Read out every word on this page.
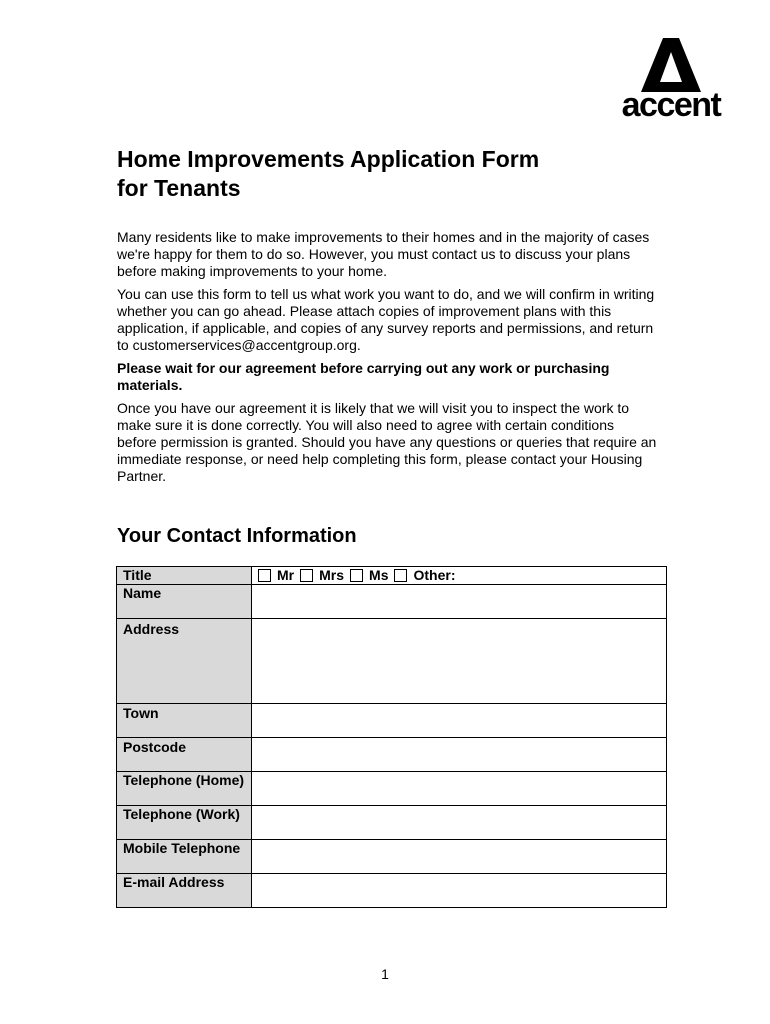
accent
Home Improvements Application Form
for Tenants

Many residents like to make improvements to their homes and in the majority of cases we're happy for them to do so. However, you must contact us to discuss your plans before making improvements to your home.

You can use this form to tell us what work you want to do, and we will confirm in writing whether you can go ahead. Please attach copies of improvement plans with this application, if applicable, and copies of any survey reports and permissions, and return to customerservices@accentgroup.org.

Please wait for our agreement before carrying out any work or purchasing materials.

Once you have our agreement it is likely that we will visit you to inspect the work to make sure it is done correctly. You will also need to agree with certain conditions before permission is granted. Should you have any questions or queries that require an immediate response, or need help completing this form, please contact your Housing Partner.

Your Contact Information
Title	Mr Mrs Ms Other:

Name	
Address	
Town	
Postcode	
Telephone (Home)	
Telephone (Work)	
Mobile Telephone	
E-mail Address	
1
